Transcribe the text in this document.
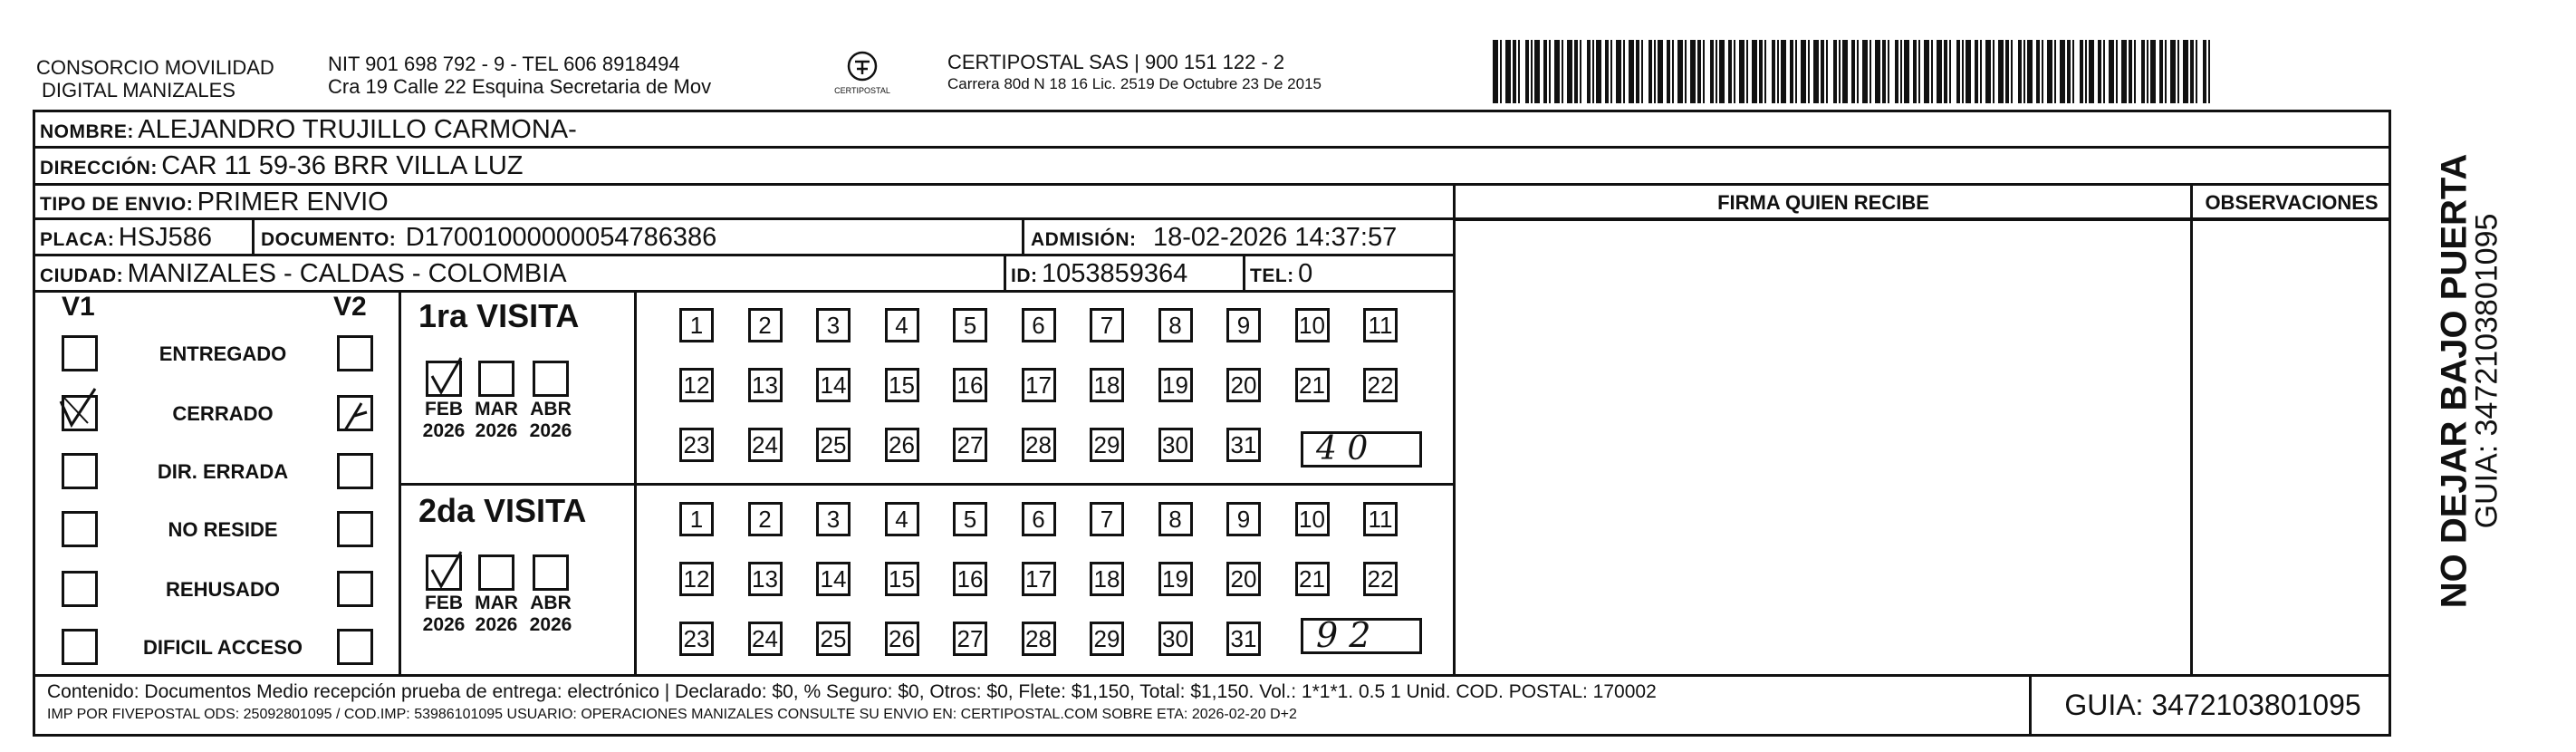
CONSORCIO MOVILIDAD
DIGITAL MANIZALES
NIT 901 698 792 - 9 - TEL 606 8918494
Cra 19 Calle 22 Esquina Secretaria de Mov	CERTIPOSTAL
CERTIPOSTAL SAS | 900 151 122 - 2
Carrera 80d N 18 16 Lic. 2519 De Octubre 23 De 2015
NOMBRE: ALEJANDRO TRUJILLO CARMONA-
DIRECCIÓN: CAR 11 59-36 BRR VILLA LUZ
TIPO DE ENVIO: PRIMER ENVIO	FIRMA QUIEN RECIBE	OBSERVACIONES
PLACA: HSJ586	DOCUMENTO: D17001000000054786386	ADMISIÓN: 18-02-2026 14:37:57
CIUDAD: MANIZALES - CALDAS - COLOMBIA	ID: 1053859364	TEL: 0
V1	V2
ENTREGADO
CERRADO
DIR. ERRADA
NO RESIDE
REHUSADO
DIFICIL ACCESO
1ra VISITA
2da VISITA
FEB
2026
MAR
2026
ABR
2026
1	2	3	4	5	6	7	8	9	10 11
12 13 14 15 16 17 18 19 20 21 22
23 24 25 26 27 28 29 30 31
FEB
2026
MAR
2026
ABR
2026
1	2	3	4	5	6	7	8	9	10 11
12 13 14 15 16 17 18 19 20 21 22
23 24 25 26 27 28 29 30 31
4 0
9 2
Contenido: Documentos Medio recepción prueba de entrega: electrónico | Declarado: $0, % Seguro: $0, Otros: $0, Flete: $1,150, Total: $1,150. Vol.: 1*1*1. 0.5 1 Unid. COD. POSTAL: 170002
IMP POR FIVEPOSTAL ODS: 25092801095 / COD.IMP: 53986101095 USUARIO: OPERACIONES MANIZALES CONSULTE SU ENVIO EN: CERTIPOSTAL.COM SOBRE ETA: 2026-02-20 D+2	GUIA: 3472103801095
NO DEJAR BAJO PUERTA
GUIA: 3472103801095
